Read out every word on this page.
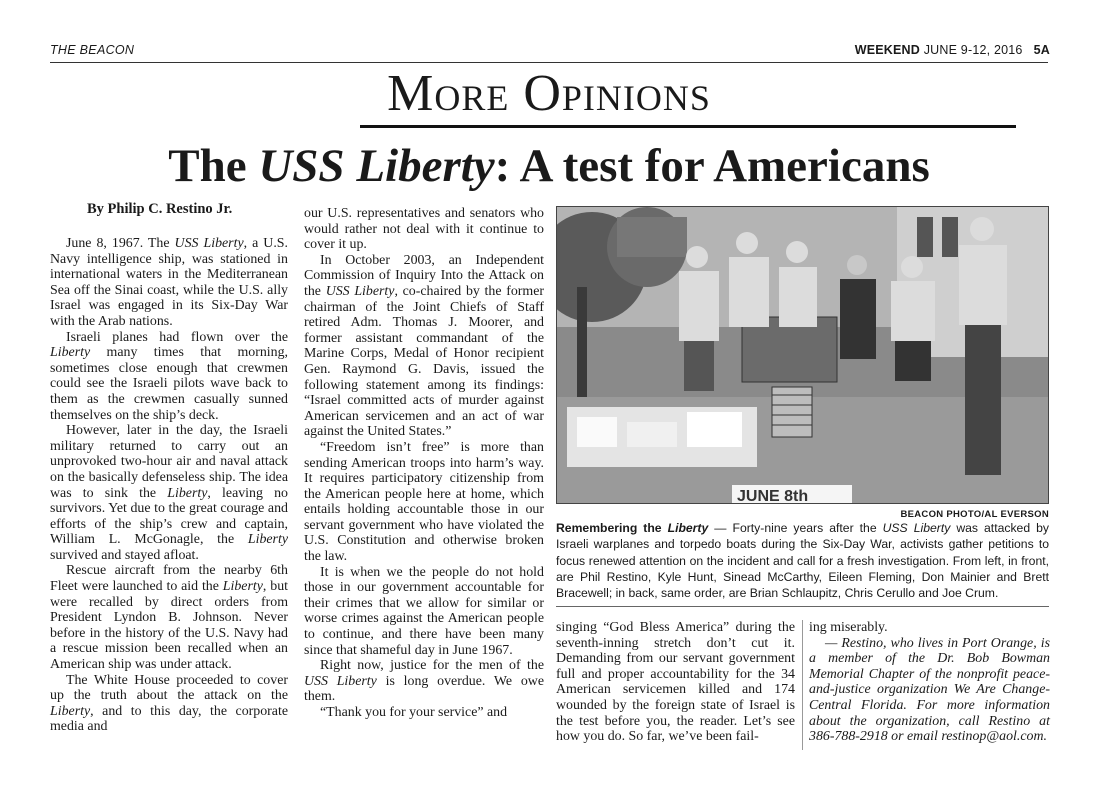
THE BEACON	WEEKEND JUNE 9-12, 2016 5A
More Opinions
The USS Liberty: A test for Americans
By Philip C. Restino Jr.

June 8, 1967. The USS Liberty, a U.S. Navy intelligence ship, was stationed in international waters in the Mediterranean Sea off the Sinai coast, while the U.S. ally Israel was engaged in its Six-Day War with the Arab nations.

Israeli planes had flown over the Liberty many times that morning, sometimes close enough that crewmen could see the Israeli pilots wave back to them as the crewmen casually sunned themselves on the ship’s deck.

However, later in the day, the Israeli military returned to carry out an unprovoked two-hour air and naval attack on the basically defenseless ship. The idea was to sink the Liberty, leaving no survivors. Yet due to the great courage and efforts of the ship’s crew and captain, William L. McGonagle, the Liberty survived and stayed afloat.

Rescue aircraft from the nearby 6th Fleet were launched to aid the Liberty, but were recalled by direct orders from President Lyndon B. Johnson. Never before in the history of the U.S. Navy had a rescue mission been recalled when an American ship was under attack.

The White House proceeded to cover up the truth about the attack on the Liberty, and to this day, the corporate media and

our U.S. representatives and senators who would rather not deal with it continue to cover it up.

In October 2003, an Independent Commission of Inquiry Into the Attack on the USS Liberty, co-chaired by the former chairman of the Joint Chiefs of Staff retired Adm. Thomas J. Moorer, and former assistant commandant of the Marine Corps, Medal of Honor recipient Gen. Raymond G. Davis, issued the following statement among its findings: “Israel committed acts of murder against American servicemen and an act of war against the United States.”

“Freedom isn’t free” is more than sending American troops into harm’s way. It requires participatory citizenship from the American people here at home, which entails holding accountable those in our servant government who have violated the U.S. Constitution and otherwise broken the law.

It is when we the people do not hold those in our government accountable for their crimes that we allow for similar or worse crimes against the American people to continue, and there have been many since that shameful day in June 1967.

Right now, justice for the men of the USS Liberty is long overdue. We owe them.

“Thank you for your service” and

singing “God Bless America” during the seventh-inning stretch don’t cut it. Demanding from our servant government full and proper accountability for the 34 American servicemen killed and 174 wounded by the foreign state of Israel is the test before you, the reader. Let’s see how you do. So far, we’ve been fail-

ing miserably.

— Restino, who lives in Port Orange, is a member of the Dr. Bob Bowman Memorial Chapter of the nonprofit peace-and-justice organization We Are Change-Central Florida. For more information about the organization, call Restino at 386-788-2918 or email restinop@aol.com.

JUNE 8th
BEACON PHOTO/AL EVERSON
Remembering the Liberty — Forty-nine years after the USS Liberty was attacked by Israeli warplanes and torpedo boats during the Six-Day War, activists gather petitions to focus renewed attention on the incident and call for a fresh investigation. From left, in front, are Phil Restino, Kyle Hunt, Sinead McCarthy, Eileen Fleming, Don Mainier and Brett Bracewell; in back, same order, are Brian Schlaupitz, Chris Cerullo and Joe Crum.
